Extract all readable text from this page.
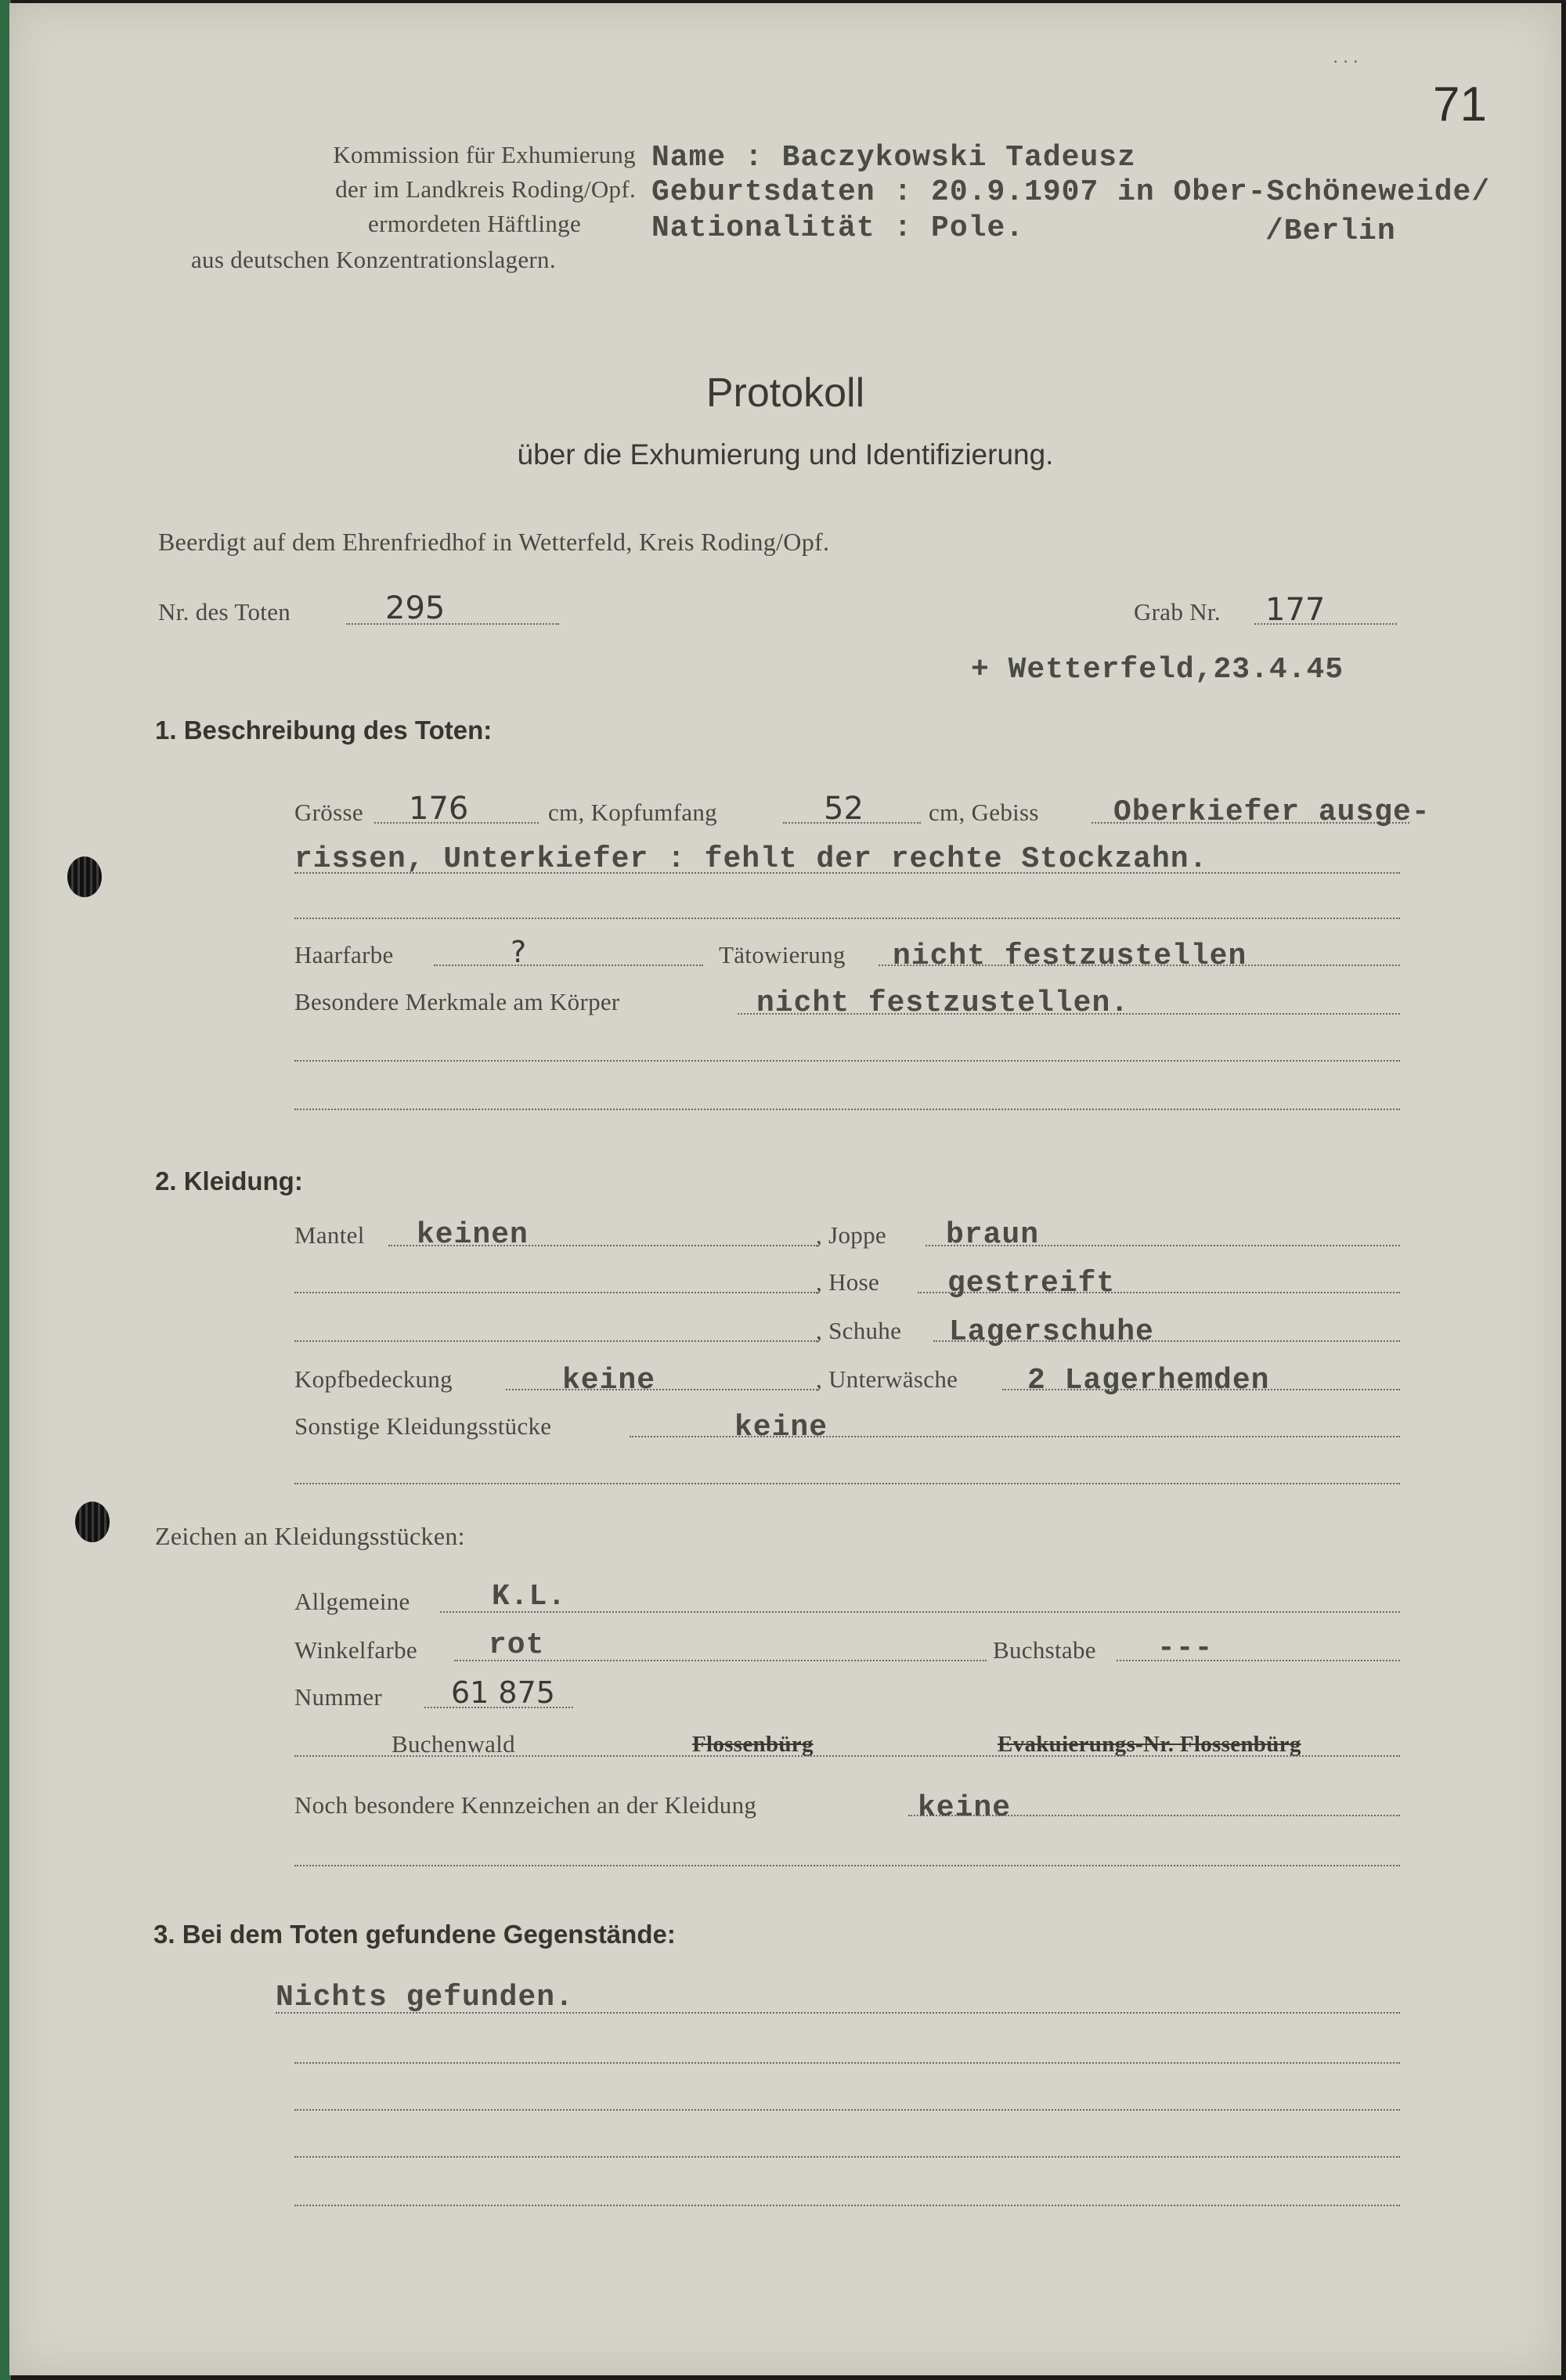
71
· · ·
Kommission für Exhumierung
der im Landkreis Roding/Opf.
ermordeten Häftlinge
aus deutschen Konzentrationslagern.
Name : Baczykowski Tadeusz
Geburtsdaten : 20.9.1907 in Ober-Schöneweide/
Nationalität : Pole.	/Berlin
Protokoll
über die Exhumierung und Identifizierung.
Beerdigt auf dem Ehrenfriedhof in Wetterfeld, Kreis Roding/Opf.
Nr. des Toten	295	Grab Nr. 177
+ Wetterfeld,23.4.45
1. Beschreibung des Toten:
Grösse 176	cm, Kopfumfang	52	cm, Gebiss	Oberkiefer ausge-
rissen, Unterkiefer : fehlt der rechte Stockzahn.
Haarfarbe	?	Tätowierung nicht festzustellen
Besondere Merkmale am Körper	nicht festzustellen.
2. Kleidung:
Mantel keinen	, Joppe braun
, Hose gestreift
, Schuhe Lagerschuhe
Kopfbedeckung	keine	, Unterwäsche 2 Lagerhemden
Sonstige Kleidungsstücke	keine
Zeichen an Kleidungsstücken:
Allgemeine	K.L.
Winkelfarbe rot	Buchstabe ---
Nummer 61 875
Buchenwald	Flossenbürg	Evakuierungs-Nr. Flossenbürg
Noch besondere Kennzeichen an der Kleidung	keine
3. Bei dem Toten gefundene Gegenstände:
Nichts gefunden.
